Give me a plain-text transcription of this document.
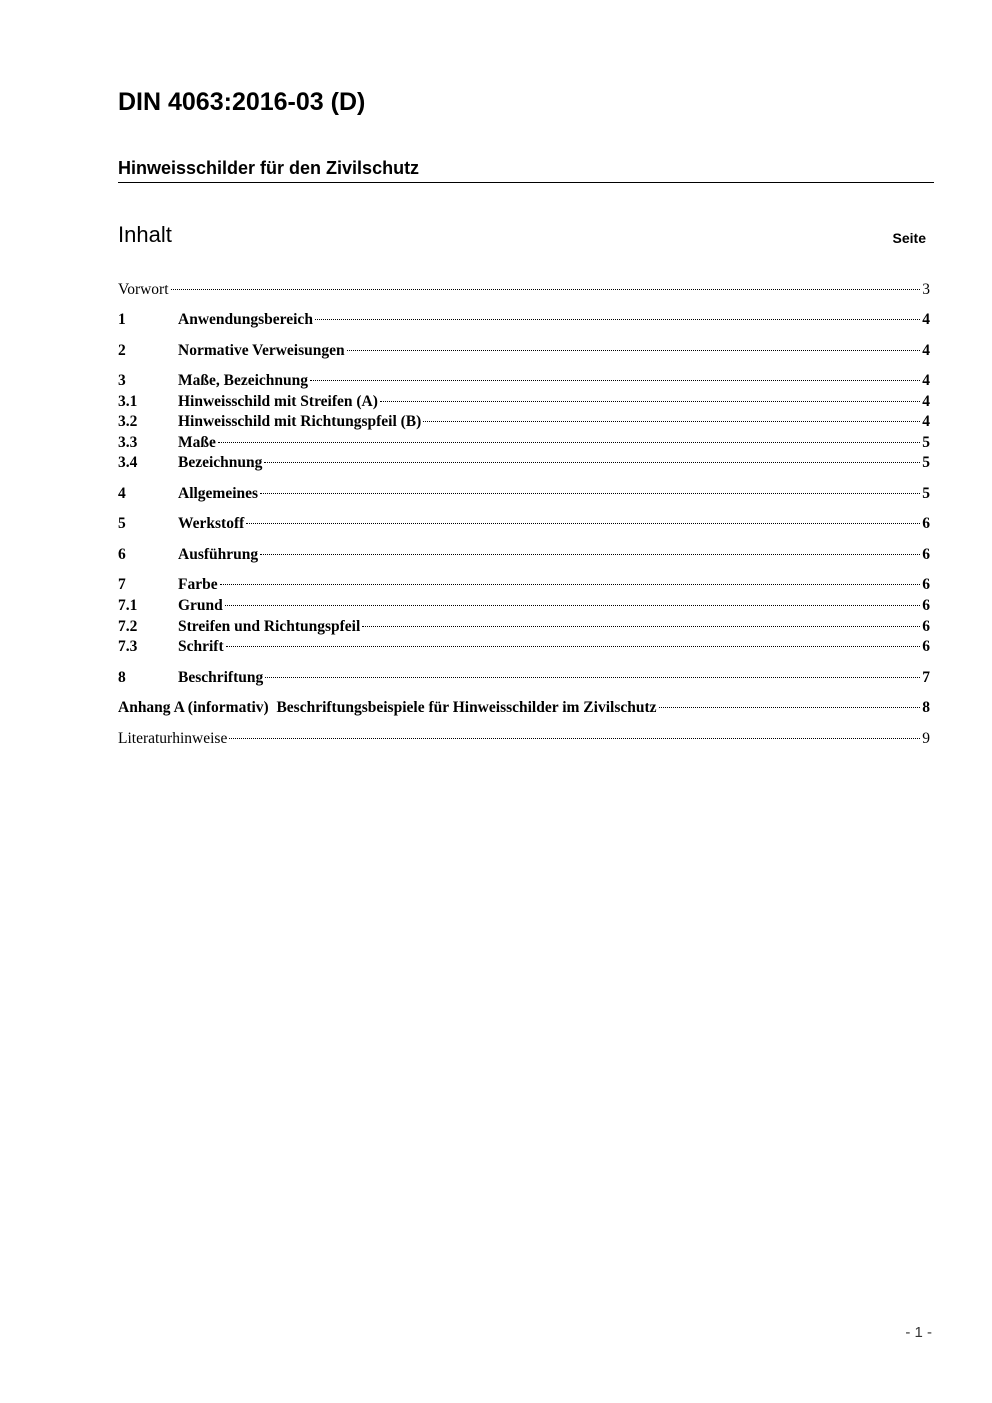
DIN 4063:2016-03 (D)
Hinweisschilder für den Zivilschutz
Inhalt	Seite
Vorwort	3
1	Anwendungsbereich	4
2	Normative Verweisungen	4
3	Maße, Bezeichnung	4
3.1	Hinweisschild mit Streifen (A)	4
3.2	Hinweisschild mit Richtungspfeil (B)	4
3.3	Maße	5
3.4	Bezeichnung	5
4	Allgemeines	5
5	Werkstoff	6
6	Ausführung	6
7	Farbe	6
7.1	Grund	6
7.2	Streifen und Richtungspfeil	6
7.3	Schrift	6
8	Beschriftung	7
Anhang A (informativ)  Beschriftungsbeispiele für Hinweisschilder im Zivilschutz	8
Literaturhinweise	9
- 1 -
